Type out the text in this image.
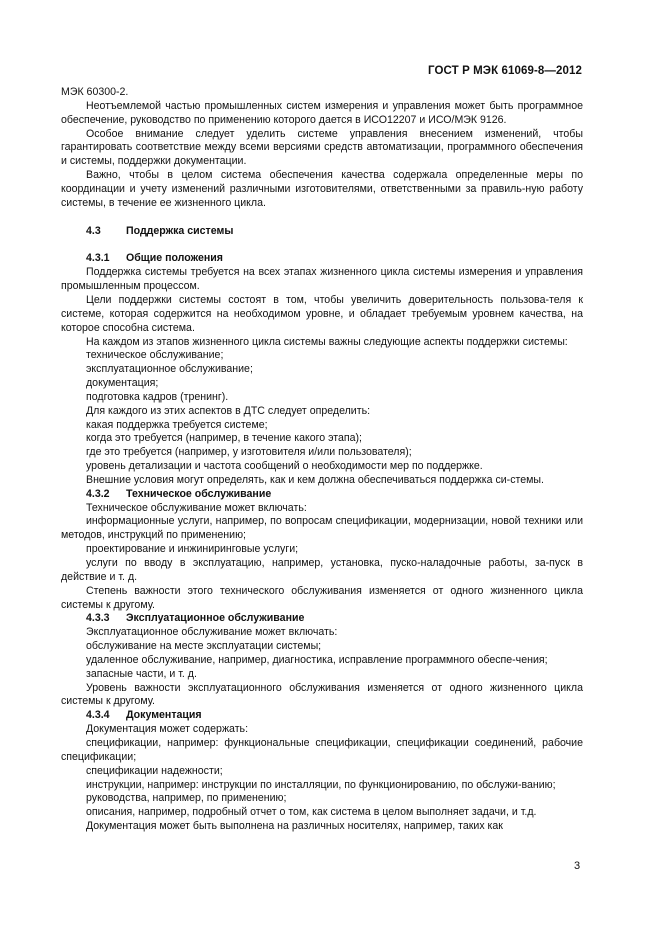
ГОСТ Р МЭК 61069-8—2012

МЭК 60300-2.

Неотъемлемой частью промышленных систем измерения и управления может быть программное обеспечение, руководство по применению которого дается в ИСО12207 и ИСО/МЭК 9126.

Особое внимание следует уделить системе управления внесением изменений, чтобы гарантировать соответствие между всеми версиями средств автоматизации, программного обеспечения и системы, поддержки документации.

Важно, чтобы в целом система обеспечения качества содержала определенные меры по координации и учету изменений различными изготовителями, ответственными за правиль-ную работу системы, в течение ее жизненного цикла.

4.3 Поддержка системы

4.3.1 Общие положения

Поддержка системы требуется на всех этапах жизненного цикла системы измерения и управления промышленным процессом.

Цели поддержки системы состоят в том, чтобы увеличить доверительность пользова-теля к системе, которая содержится на необходимом уровне, и обладает требуемым уровнем качества, на которое способна система.

На каждом из этапов жизненного цикла системы важны следующие аспекты поддержки системы:

техническое обслуживание;

эксплуатационное обслуживание;

документация;

подготовка кадров (тренинг).

Для каждого из этих аспектов в ДТС следует определить:

какая поддержка требуется системе;

когда это требуется (например, в течение какого этапа);

где это требуется (например, у изготовителя и/или пользователя);

уровень детализации и частота сообщений о необходимости мер по поддержке.

Внешние условия могут определять, как и кем должна обеспечиваться поддержка си-стемы.

4.3.2 Техническое обслуживание

Техническое обслуживание может включать:

информационные услуги, например, по вопросам спецификации, модернизации, новой техники или методов, инструкций по применению;

проектирование и инжиниринговые услуги;

услуги по вводу в эксплуатацию, например, установка, пуско-наладочные работы, за-пуск в действие и т. д.

Степень важности этого технического обслуживания изменяется от одного жизненного цикла системы к другому.

4.3.3 Эксплуатационное обслуживание

Эксплуатационное обслуживание может включать:

обслуживание на месте эксплуатации системы;

удаленное обслуживание, например, диагностика, исправление программного обеспе-чения;

запасные части, и т. д.

Уровень важности эксплуатационного обслуживания изменяется от одного жизненного цикла системы к другому.

4.3.4 Документация

Документация может содержать:

спецификации, например: функциональные спецификации, спецификации соединений, рабочие спецификации;

спецификации надежности;

инструкции, например: инструкции по инсталляции, по функционированию, по обслужи-ванию;

руководства, например, по применению;

описания, например, подробный отчет о том, как система в целом выполняет задачи, и т.д.

Документация может быть выполнена на различных носителях, например, таких как

3
